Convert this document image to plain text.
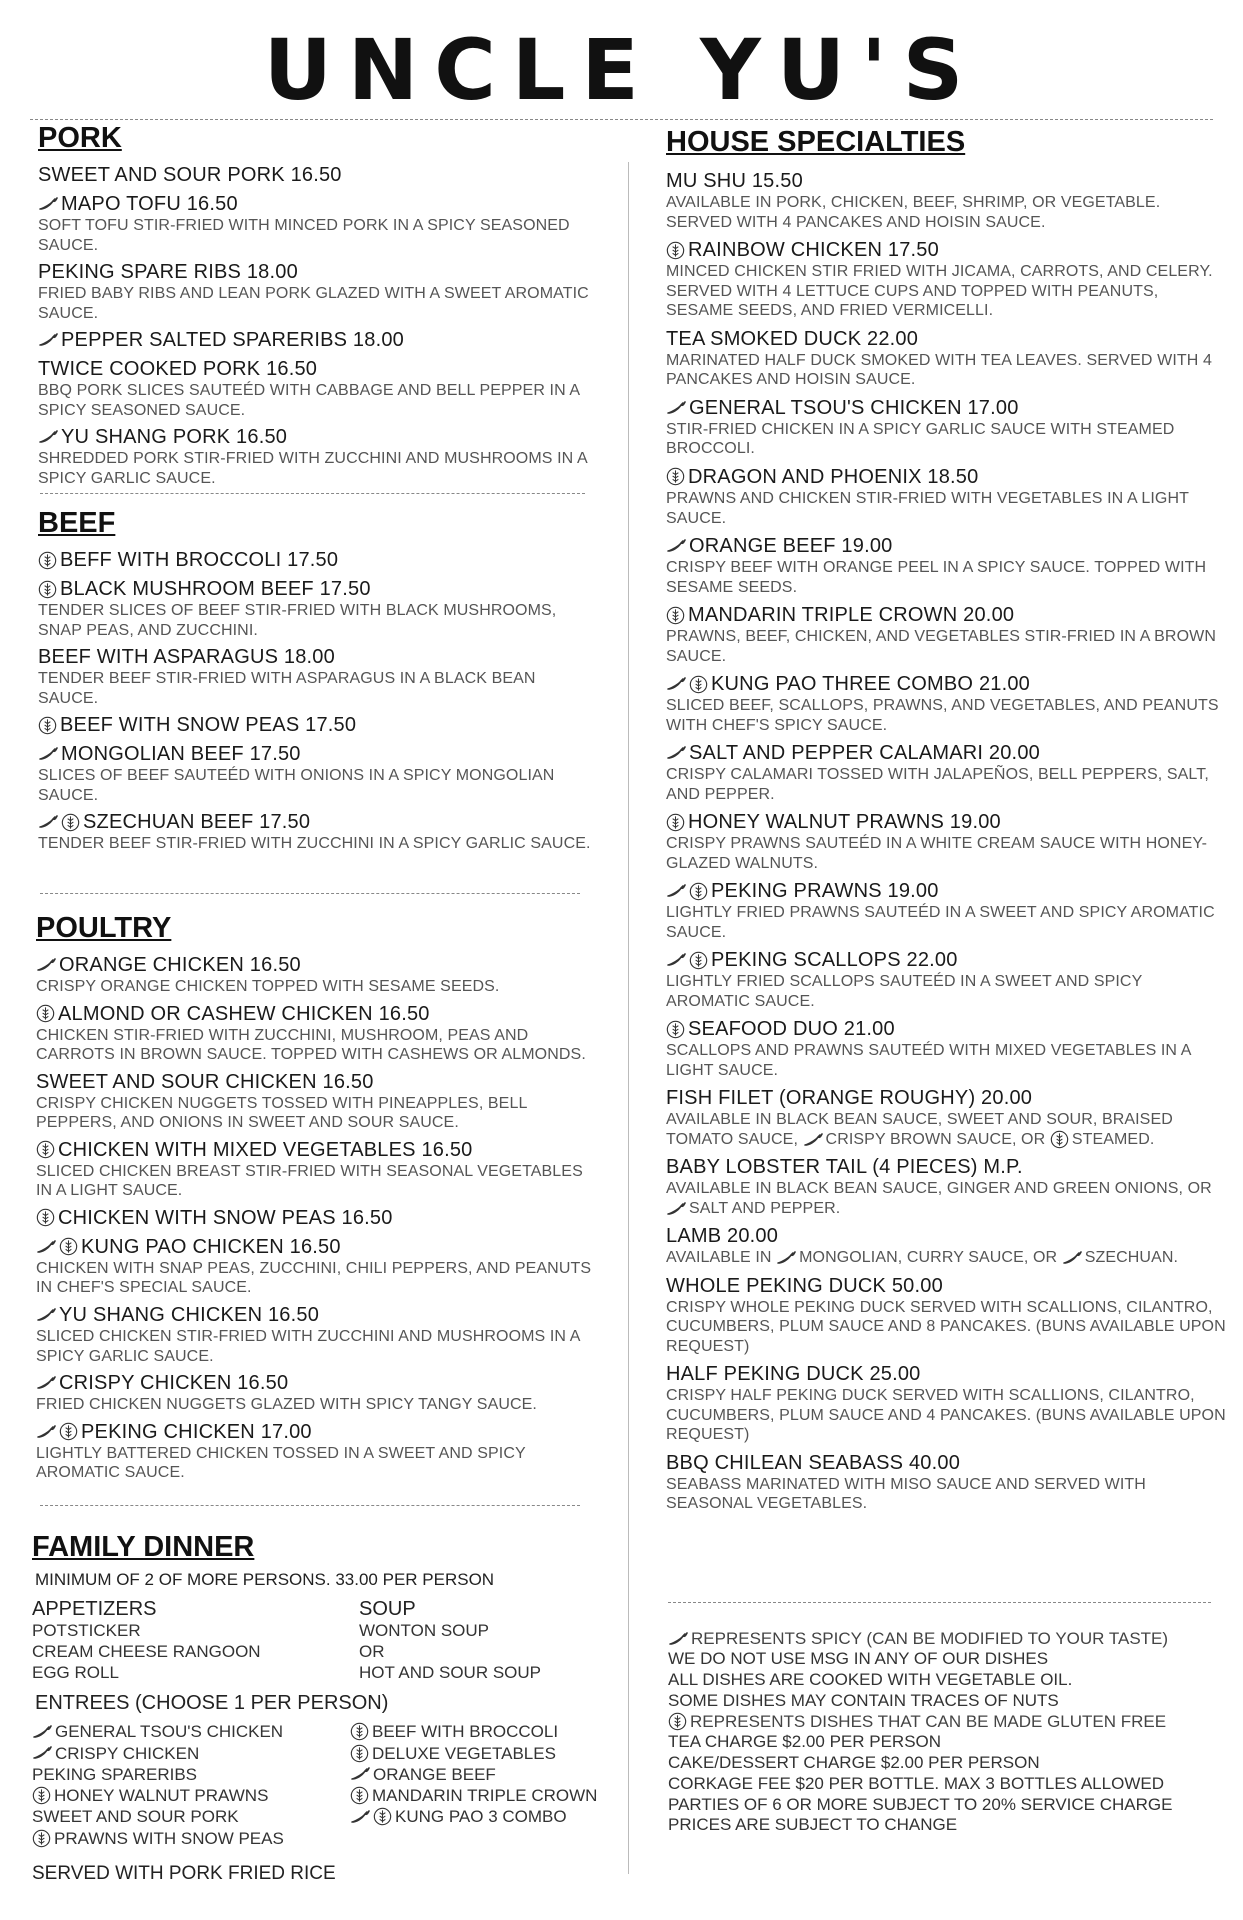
UNCLE YU'S
PORK
SWEET AND SOUR PORK 16.50
MAPO TOFU 16.50
SOFT TOFU STIR-FRIED WITH MINCED PORK IN A SPICY SEASONED SAUCE.
PEKING SPARE RIBS 18.00
FRIED BABY RIBS AND LEAN PORK GLAZED WITH A SWEET AROMATIC SAUCE.
PEPPER SALTED SPARERIBS 18.00
TWICE COOKED PORK 16.50
BBQ PORK SLICES SAUTEÉD WITH CABBAGE AND BELL PEPPER IN A SPICY SEASONED SAUCE.
YU SHANG PORK 16.50
SHREDDED PORK STIR-FRIED WITH ZUCCHINI AND MUSHROOMS IN A SPICY GARLIC SAUCE.
BEEF
BEFF WITH BROCCOLI 17.50
BLACK MUSHROOM BEEF 17.50
TENDER SLICES OF BEEF STIR-FRIED WITH BLACK MUSHROOMS, SNAP PEAS, AND ZUCCHINI.
BEEF WITH ASPARAGUS 18.00
TENDER BEEF STIR-FRIED WITH ASPARAGUS IN A BLACK BEAN SAUCE.
BEEF WITH SNOW PEAS 17.50
MONGOLIAN BEEF 17.50
SLICES OF BEEF SAUTEÉD WITH ONIONS IN A SPICY MONGOLIAN SAUCE.
SZECHUAN BEEF 17.50
TENDER BEEF STIR-FRIED WITH ZUCCHINI IN A SPICY GARLIC SAUCE.
POULTRY
ORANGE CHICKEN 16.50
CRISPY ORANGE CHICKEN TOPPED WITH SESAME SEEDS.
ALMOND OR CASHEW CHICKEN 16.50
CHICKEN STIR-FRIED WITH ZUCCHINI, MUSHROOM, PEAS AND CARROTS IN BROWN SAUCE. TOPPED WITH CASHEWS OR ALMONDS.
SWEET AND SOUR CHICKEN 16.50
CRISPY CHICKEN NUGGETS TOSSED WITH PINEAPPLES, BELL PEPPERS, AND ONIONS IN SWEET AND SOUR SAUCE.
CHICKEN WITH MIXED VEGETABLES 16.50
SLICED CHICKEN BREAST STIR-FRIED WITH SEASONAL VEGETABLES IN A LIGHT SAUCE.
CHICKEN WITH SNOW PEAS 16.50
KUNG PAO CHICKEN 16.50
CHICKEN WITH SNAP PEAS, ZUCCHINI, CHILI PEPPERS, AND PEANUTS IN CHEF'S SPECIAL SAUCE.
YU SHANG CHICKEN 16.50
SLICED CHICKEN STIR-FRIED WITH ZUCCHINI AND MUSHROOMS IN A SPICY GARLIC SAUCE.
CRISPY CHICKEN 16.50
FRIED CHICKEN NUGGETS GLAZED WITH SPICY TANGY SAUCE.
PEKING CHICKEN 17.00
LIGHTLY BATTERED CHICKEN TOSSED IN A SWEET AND SPICY AROMATIC SAUCE.
FAMILY DINNER
MINIMUM OF 2 OF MORE PERSONS. 33.00 PER PERSON
APPETIZERS
POTSTICKER
CREAM CHEESE RANGOON
EGG ROLL
SOUP
WONTON SOUP
OR
HOT AND SOUR SOUP
ENTREES (CHOOSE 1 PER PERSON)
GENERAL TSOU'S CHICKEN
CRISPY CHICKEN
PEKING SPARERIBS
HONEY WALNUT PRAWNS
SWEET AND SOUR PORK
PRAWNS WITH SNOW PEAS
BEEF WITH BROCCOLI
DELUXE VEGETABLES
ORANGE BEEF
MANDARIN TRIPLE CROWN
KUNG PAO 3 COMBO
SERVED WITH PORK FRIED RICE
HOUSE SPECIALTIES
MU SHU 15.50
AVAILABLE IN PORK, CHICKEN, BEEF, SHRIMP, OR VEGETABLE. SERVED WITH 4 PANCAKES AND HOISIN SAUCE.
RAINBOW CHICKEN 17.50
MINCED CHICKEN STIR FRIED WITH JICAMA, CARROTS, AND CELERY. SERVED WITH 4 LETTUCE CUPS AND TOPPED WITH PEANUTS, SESAME SEEDS, AND FRIED VERMICELLI.
TEA SMOKED DUCK 22.00
MARINATED HALF DUCK SMOKED WITH TEA LEAVES. SERVED WITH 4 PANCAKES AND HOISIN SAUCE.
GENERAL TSOU'S CHICKEN 17.00
STIR-FRIED CHICKEN IN A SPICY GARLIC SAUCE WITH STEAMED BROCCOLI.
DRAGON AND PHOENIX 18.50
PRAWNS AND CHICKEN STIR-FRIED WITH VEGETABLES IN A LIGHT SAUCE.
ORANGE BEEF 19.00
CRISPY BEEF WITH ORANGE PEEL IN A SPICY SAUCE. TOPPED WITH SESAME SEEDS.
MANDARIN TRIPLE CROWN 20.00
PRAWNS, BEEF, CHICKEN, AND VEGETABLES STIR-FRIED IN A BROWN SAUCE.
KUNG PAO THREE COMBO 21.00
SLICED BEEF, SCALLOPS, PRAWNS, AND VEGETABLES, AND PEANUTS WITH CHEF'S SPICY SAUCE.
SALT AND PEPPER CALAMARI 20.00
CRISPY CALAMARI TOSSED WITH JALAPEÑOS, BELL PEPPERS, SALT, AND PEPPER.
HONEY WALNUT PRAWNS 19.00
CRISPY PRAWNS SAUTEÉD IN A WHITE CREAM SAUCE WITH HONEY-GLAZED WALNUTS.
PEKING PRAWNS 19.00
LIGHTLY FRIED PRAWNS SAUTEÉD IN A SWEET AND SPICY AROMATIC SAUCE.
PEKING SCALLOPS 22.00
LIGHTLY FRIED SCALLOPS SAUTEÉD IN A SWEET AND SPICY AROMATIC SAUCE.
SEAFOOD DUO 21.00
SCALLOPS AND PRAWNS SAUTEÉD WITH MIXED VEGETABLES IN A LIGHT SAUCE.
FISH FILET (ORANGE ROUGHY) 20.00
AVAILABLE IN BLACK BEAN SAUCE, SWEET AND SOUR, BRAISED TOMATO SAUCE, CRISPY BROWN SAUCE, OR STEAMED.
BABY LOBSTER TAIL (4 PIECES) M.P.
AVAILABLE IN BLACK BEAN SAUCE, GINGER AND GREEN ONIONS, OR
SALT AND PEPPER.
LAMB 20.00
AVAILABLE IN MONGOLIAN, CURRY SAUCE, OR SZECHUAN.
WHOLE PEKING DUCK 50.00
CRISPY WHOLE PEKING DUCK SERVED WITH SCALLIONS, CILANTRO, CUCUMBERS, PLUM SAUCE AND 8 PANCAKES. (BUNS AVAILABLE UPON REQUEST)
HALF PEKING DUCK 25.00
CRISPY HALF PEKING DUCK SERVED WITH SCALLIONS, CILANTRO, CUCUMBERS, PLUM SAUCE AND 4 PANCAKES. (BUNS AVAILABLE UPON REQUEST)
BBQ CHILEAN SEABASS 40.00
SEABASS MARINATED WITH MISO SAUCE AND SERVED WITH SEASONAL VEGETABLES.
REPRESENTS SPICY (CAN BE MODIFIED TO YOUR TASTE)
WE DO NOT USE MSG IN ANY OF OUR DISHES
ALL DISHES ARE COOKED WITH VEGETABLE OIL.
SOME DISHES MAY CONTAIN TRACES OF NUTS
REPRESENTS DISHES THAT CAN BE MADE GLUTEN FREE
TEA CHARGE $2.00 PER PERSON
CAKE/DESSERT CHARGE $2.00 PER PERSON
CORKAGE FEE $20 PER BOTTLE. MAX 3 BOTTLES ALLOWED
PARTIES OF 6 OR MORE SUBJECT TO 20% SERVICE CHARGE
PRICES ARE SUBJECT TO CHANGE
